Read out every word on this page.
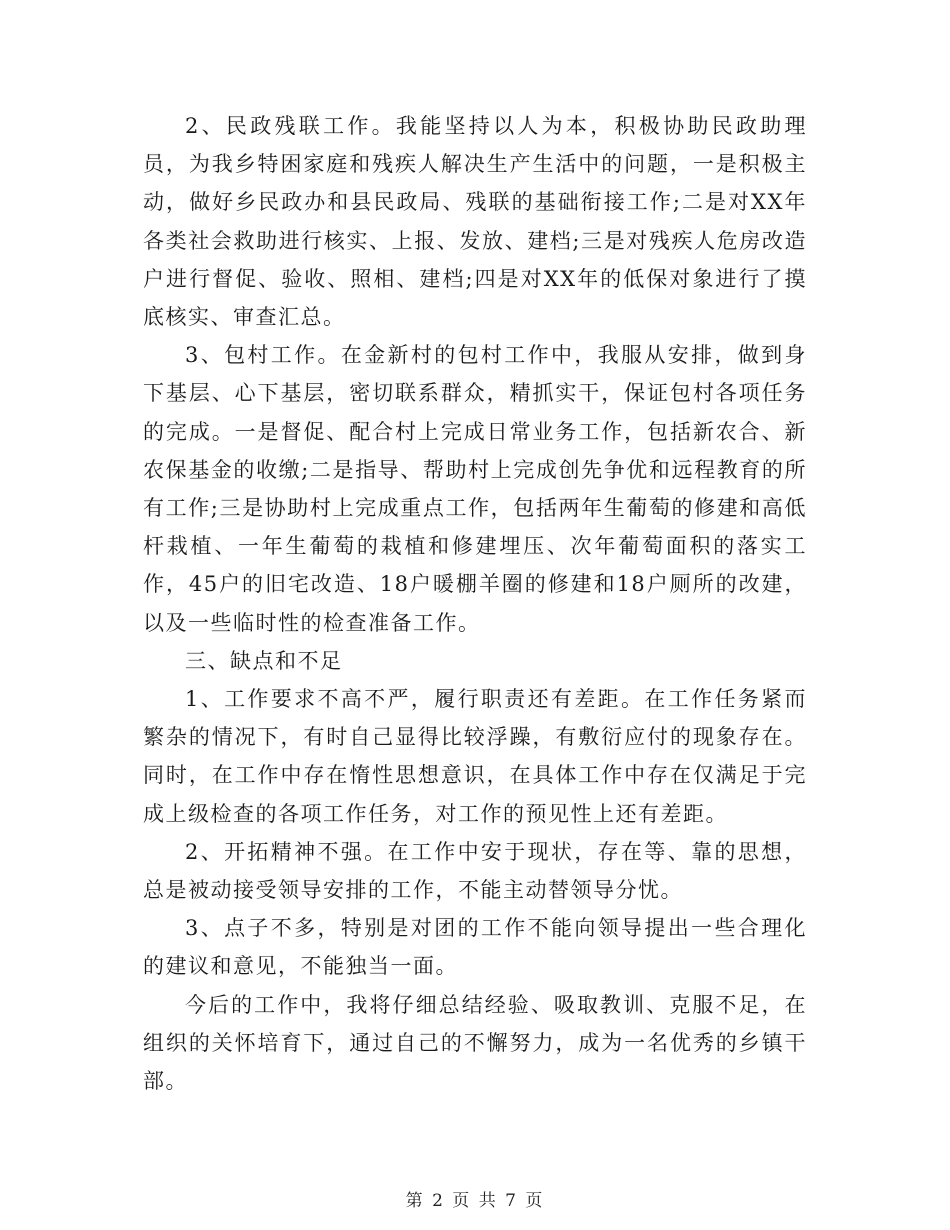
2、民政残联工作。我能坚持以人为本，积极协助民政助理员，为我乡特困家庭和残疾人解决生产生活中的问题，一是积极主动，做好乡民政办和县民政局、残联的基础衔接工作;二是对XX年各类社会救助进行核实、上报、发放、建档;三是对残疾人危房改造户进行督促、验收、照相、建档;四是对XX年的低保对象进行了摸底核实、审查汇总。

3、包村工作。在金新村的包村工作中，我服从安排，做到身下基层、心下基层，密切联系群众，精抓实干，保证包村各项任务的完成。一是督促、配合村上完成日常业务工作，包括新农合、新农保基金的收缴;二是指导、帮助村上完成创先争优和远程教育的所有工作;三是协助村上完成重点工作，包括两年生葡萄的修建和高低杆栽植、一年生葡萄的栽植和修建埋压、次年葡萄面积的落实工作，45户的旧宅改造、18户暖棚羊圈的修建和18户厕所的改建，以及一些临时性的检查准备工作。

三、缺点和不足

1、工作要求不高不严，履行职责还有差距。在工作任务紧而繁杂的情况下，有时自己显得比较浮躁，有敷衍应付的现象存在。同时，在工作中存在惰性思想意识，在具体工作中存在仅满足于完成上级检查的各项工作任务，对工作的预见性上还有差距。

2、开拓精神不强。在工作中安于现状，存在等、靠的思想，总是被动接受领导安排的工作，不能主动替领导分忧。

3、点子不多，特别是对团的工作不能向领导提出一些合理化的建议和意见，不能独当一面。

今后的工作中，我将仔细总结经验、吸取教训、克服不足，在组织的关怀培育下，通过自己的不懈努力，成为一名优秀的乡镇干部。

第 2 页 共 7 页
